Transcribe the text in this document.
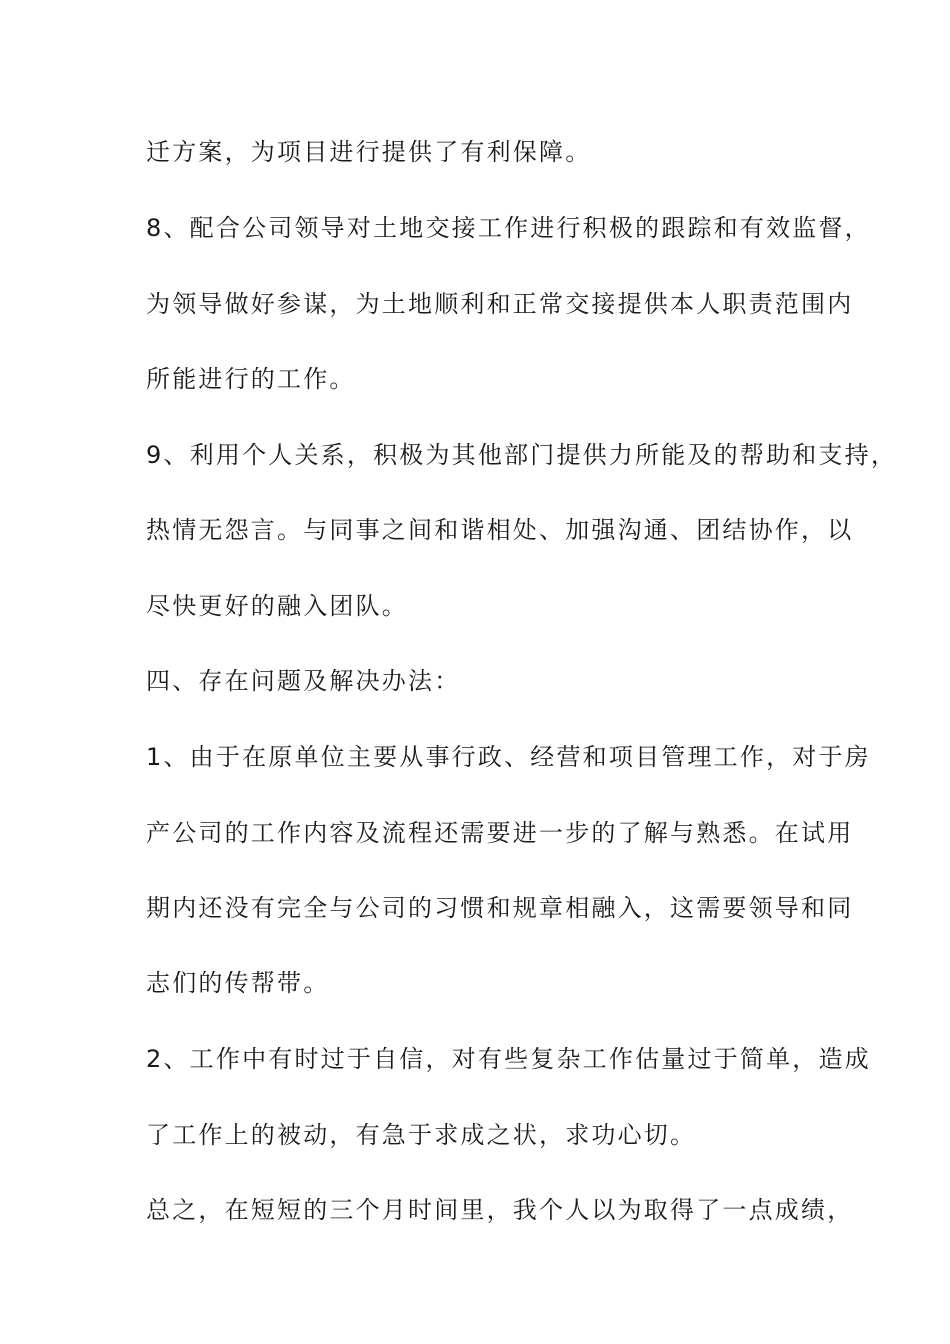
迁方案，为项目进行提供了有利保障。
8、配合公司领导对土地交接工作进行积极的跟踪和有效监督，
为领导做好参谋，为土地顺利和正常交接提供本人职责范围内
所能进行的工作。
9、利用个人关系，积极为其他部门提供力所能及的帮助和支持，
热情无怨言。与同事之间和谐相处、加强沟通、团结协作，以
尽快更好的融入团队。
四、存在问题及解决办法：
1、由于在原单位主要从事行政、经营和项目管理工作，对于房
产公司的工作内容及流程还需要进一步的了解与熟悉。在试用
期内还没有完全与公司的习惯和规章相融入，这需要领导和同
志们的传帮带。
2、工作中有时过于自信，对有些复杂工作估量过于简单，造成
了工作上的被动，有急于求成之状，求功心切。
总之，在短短的三个月时间里，我个人以为取得了一点成绩，
